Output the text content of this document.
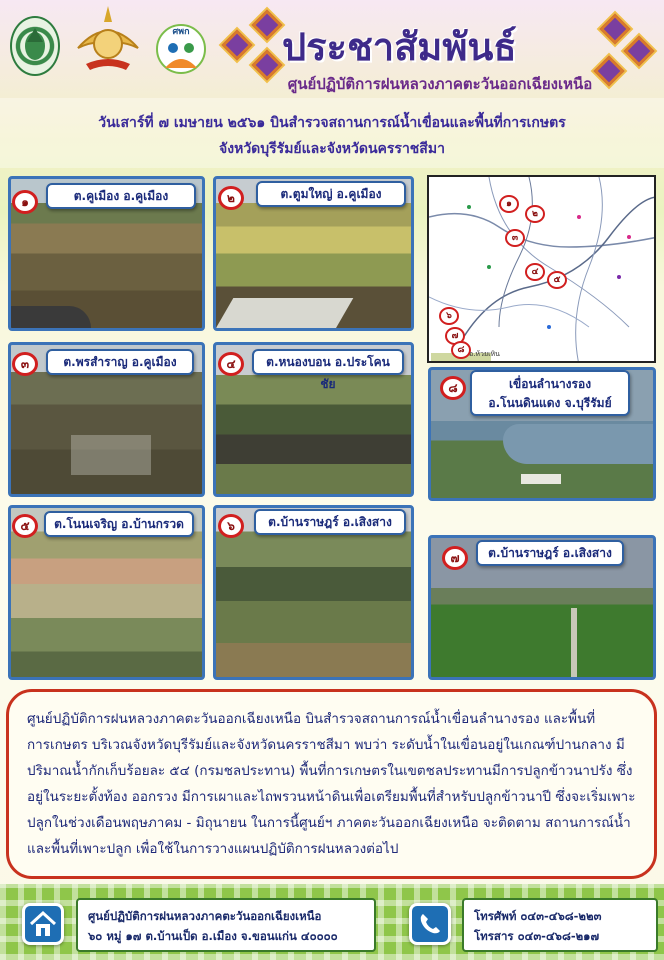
ศพก	ประชาสัมพันธ์
ศูนย์ปฏิบัติการฝนหลวงภาคตะวันออกเฉียงเหนือ
วันเสาร์ที่ ๗ เมษายน ๒๕๖๑ บินสำรวจสถานการณ์น้ำเขื่อนและพื้นที่การเกษตร
จังหวัดบุรีรัมย์และจังหวัดนครราชสีมา
๑	ต.คูเมือง อ.คูเมือง	๒	ต.ตูมใหญ่ อ.คูเมือง
๑
๒
๓
๔
๕
๖
๗
๘ อ.ห้วยเหิน
๓	ต.พรสำราญ อ.คูเมือง	๔	ต.หนองบอน อ.ประโคนชัย	๘	เขื่อนลำนางรอง
อ.โนนดินแดง จ.บุรีรัมย์
๕	ต.โนนเจริญ อ.บ้านกรวด	๖	ต.บ้านราษฎร์ อ.เสิงสาง
๗	ต.บ้านราษฎร์ อ.เสิงสาง
ศูนย์ปฏิบัติการฝนหลวงภาคตะวันออกเฉียงเหนือ บินสำรวจสถานการณ์น้ำเขื่อนลำนางรอง และพื้นที่การเกษตร บริเวณจังหวัดบุรีรัมย์และจังหวัดนครราชสีมา พบว่า ระดับน้ำในเขื่อนอยู่ในเกณฑ์ปานกลาง มีปริมาณน้ำกักเก็บร้อยละ ๕๔ (กรมชลประทาน) พื้นที่การเกษตรในเขตชลประทานมีการปลูกข้าวนาปรัง ซึ่งอยู่ในระยะตั้งท้อง ออกรวง มีการเผาและไถพรวนหน้าดินเพื่อเตรียมพื้นที่สำหรับปลูกข้าวนาปี ซึ่งจะเริ่มเพาะปลูกในช่วงเดือนพฤษภาคม - มิถุนายน ในการนี้ศูนย์ฯ ภาคตะวันออกเฉียงเหนือ จะติดตาม สถานการณ์น้ำและพื้นที่เพาะปลูก เพื่อใช้ในการวางแผนปฏิบัติการฝนหลวงต่อไป
ศูนย์ปฏิบัติการฝนหลวงภาคตะวันออกเฉียงเหนือ
๖๐ หมู่ ๑๗ ต.บ้านเป็ด อ.เมือง จ.ขอนแก่น ๔๐๐๐๐
โทรศัพท์ ๐๔๓-๔๖๘-๒๒๓
โทรสาร ๐๔๓-๔๖๘-๒๑๗
